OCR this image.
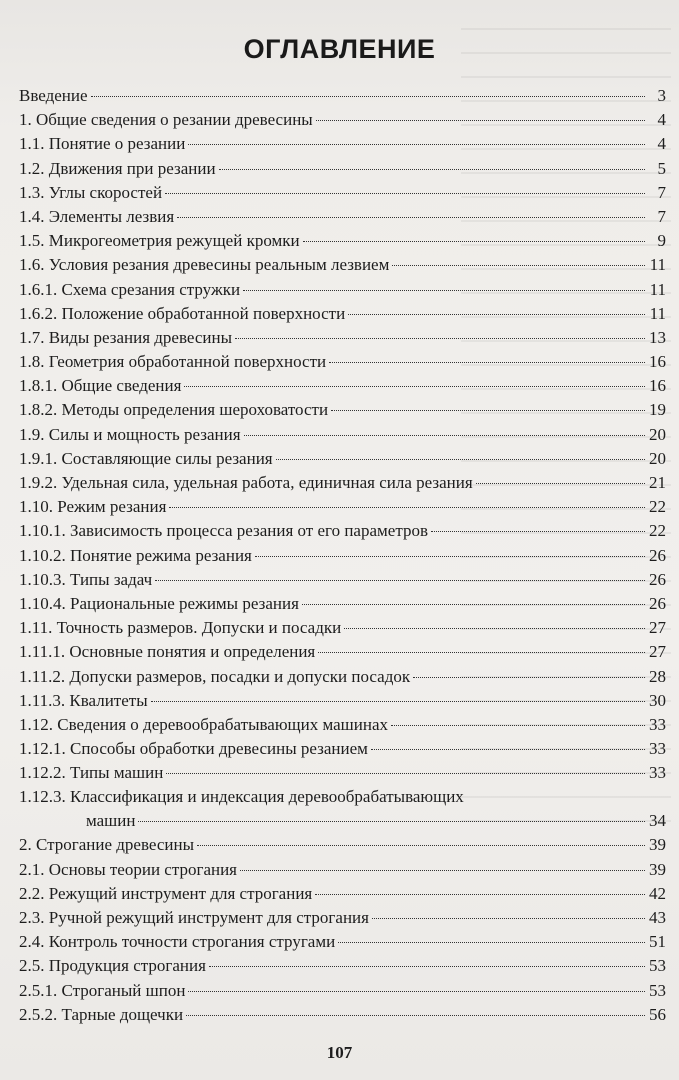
ОГЛАВЛЕНИЕ
Введение	3
1. Общие сведения о резании древесины	4
1.1. Понятие о резании	4
1.2. Движения при резании	5
1.3. Углы скоростей	7
1.4. Элементы лезвия	7
1.5. Микрогеометрия режущей кромки	9
1.6. Условия резания древесины реальным лезвием	11
1.6.1. Схема срезания стружки	11
1.6.2. Положение обработанной поверхности	11
1.7. Виды резания древесины	13
1.8. Геометрия обработанной поверхности	16
1.8.1. Общие сведения	16
1.8.2. Методы определения шероховатости	19
1.9. Силы и мощность резания	20
1.9.1. Составляющие силы резания	20
1.9.2. Удельная сила, удельная работа, единичная сила резания	21
1.10. Режим резания	22
1.10.1. Зависимость процесса резания от его параметров	22
1.10.2. Понятие режима резания	26
1.10.3. Типы задач	26
1.10.4. Рациональные режимы резания	26
1.11. Точность размеров. Допуски и посадки	27
1.11.1. Основные понятия и определения	27
1.11.2. Допуски размеров, посадки и допуски посадок	28
1.11.3. Квалитеты	30
1.12. Сведения о деревообрабатывающих машинах	33
1.12.1. Способы обработки древесины резанием	33
1.12.2. Типы машин	33
1.12.3. Классификация и индексация деревообрабатывающих
машин	34
2. Строгание древесины	39
2.1. Основы теории строгания	39
2.2. Режущий инструмент для строгания	42
2.3. Ручной режущий инструмент для строгания	43
2.4. Контроль точности строгания стругами	51
2.5. Продукция строгания	53
2.5.1. Строганый шпон	53
2.5.2. Тарные дощечки	56
107
